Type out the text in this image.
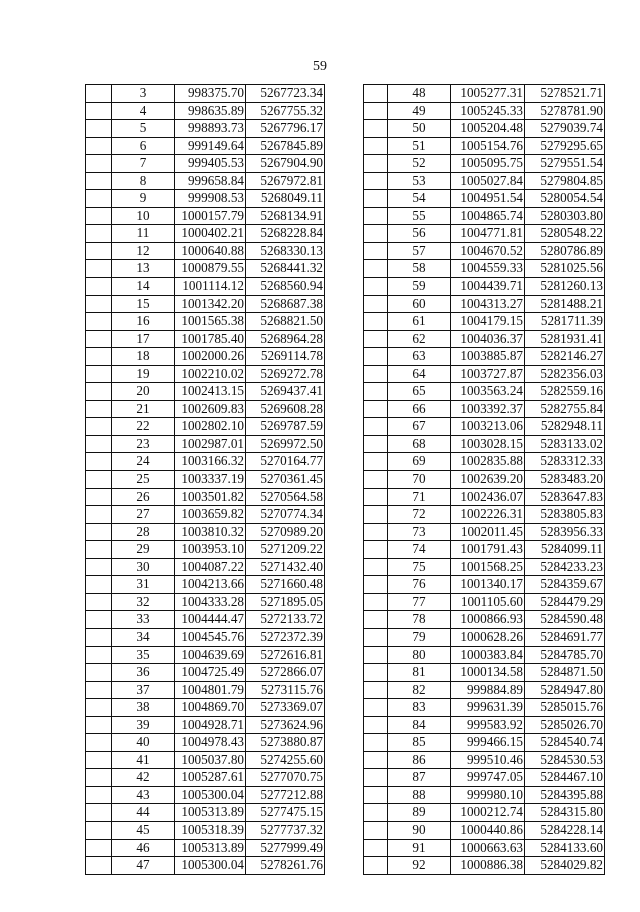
59
	3	998375.70	5267723.34
	4	998635.89	5267755.32
	5	998893.73	5267796.17
	6	999149.64	5267845.89
	7	999405.53	5267904.90
	8	999658.84	5267972.81
	9	999908.53	5268049.11
	10	1000157.79	5268134.91
	11	1000402.21	5268228.84
	12	1000640.88	5268330.13
	13	1000879.55	5268441.32
	14	1001114.12	5268560.94
	15	1001342.20	5268687.38
	16	1001565.38	5268821.50
	17	1001785.40	5268964.28
	18	1002000.26	5269114.78
	19	1002210.02	5269272.78
	20	1002413.15	5269437.41
	21	1002609.83	5269608.28
	22	1002802.10	5269787.59
	23	1002987.01	5269972.50
	24	1003166.32	5270164.77
	25	1003337.19	5270361.45
	26	1003501.82	5270564.58
	27	1003659.82	5270774.34
	28	1003810.32	5270989.20
	29	1003953.10	5271209.22
	30	1004087.22	5271432.40
	31	1004213.66	5271660.48
	32	1004333.28	5271895.05
	33	1004444.47	5272133.72
	34	1004545.76	5272372.39
	35	1004639.69	5272616.81
	36	1004725.49	5272866.07
	37	1004801.79	5273115.76
	38	1004869.70	5273369.07
	39	1004928.71	5273624.96
	40	1004978.43	5273880.87
	41	1005037.80	5274255.60
	42	1005287.61	5277070.75
	43	1005300.04	5277212.88
	44	1005313.89	5277475.15
	45	1005318.39	5277737.32
	46	1005313.89	5277999.49
	47	1005300.04	5278261.76
	48	1005277.31	5278521.71
	49	1005245.33	5278781.90
	50	1005204.48	5279039.74
	51	1005154.76	5279295.65
	52	1005095.75	5279551.54
	53	1005027.84	5279804.85
	54	1004951.54	5280054.54
	55	1004865.74	5280303.80
	56	1004771.81	5280548.22
	57	1004670.52	5280786.89
	58	1004559.33	5281025.56
	59	1004439.71	5281260.13
	60	1004313.27	5281488.21
	61	1004179.15	5281711.39
	62	1004036.37	5281931.41
	63	1003885.87	5282146.27
	64	1003727.87	5282356.03
	65	1003563.24	5282559.16
	66	1003392.37	5282755.84
	67	1003213.06	5282948.11
	68	1003028.15	5283133.02
	69	1002835.88	5283312.33
	70	1002639.20	5283483.20
	71	1002436.07	5283647.83
	72	1002226.31	5283805.83
	73	1002011.45	5283956.33
	74	1001791.43	5284099.11
	75	1001568.25	5284233.23
	76	1001340.17	5284359.67
	77	1001105.60	5284479.29
	78	1000866.93	5284590.48
	79	1000628.26	5284691.77
	80	1000383.84	5284785.70
	81	1000134.58	5284871.50
	82	999884.89	5284947.80
	83	999631.39	5285015.76
	84	999583.92	5285026.70
	85	999466.15	5284540.74
	86	999510.46	5284530.53
	87	999747.05	5284467.10
	88	999980.10	5284395.88
	89	1000212.74	5284315.80
	90	1000440.86	5284228.14
	91	1000663.63	5284133.60
	92	1000886.38	5284029.82
